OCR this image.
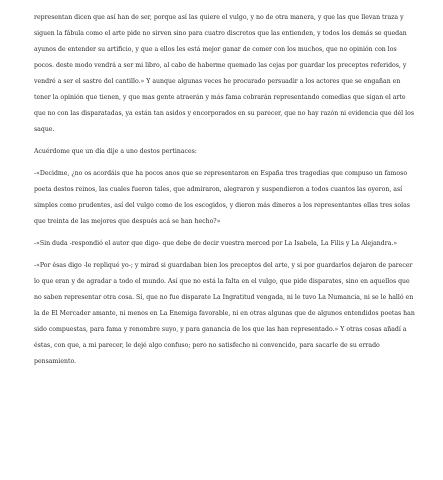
representan dicen que así han de ser, porque así las quiere el vulgo, y no de otra manera, y que las que llevan traza y siguen la fábula como el arte pide no sirven sino para cuatro discretos que las entienden, y todos los demás se quedan ayunos de entender su artificio, y que a ellos les está mejor ganar de comer con los muchos, que no opinión con los pocos. deste modo vendrá a ser mi libro, al cabo de haberme quemado las cejas por guardar los preceptos referidos, y vendré a ser el sastre del cantillo.» Y aunque algunas veces he procurado persuadir a los actores que se engañan en tener la opinión que tienen, y que mas gente atraerán y más fama cobrarán representando comedias que sigan el arte que no con las disparatadas, ya están tan asidos y encorporados en su parecer, que no hay razón ni evidencia que dél los saque.

Acuérdome que un día dije a uno destos pertinaces:

-«Decidme, ¿no os acordáis que ha pocos anos que se representaron en España tres tragedias que compuso un famoso poeta destos reinos, las cuales fueron tales, que admiraron, alegraron y suspendieron a todos cuantos las oyeron, así simples como prudentes, así del vulgo como de los escogidos, y dieron más dineros a los representantes ellas tres solas que treinta de las mejores que después acá se han hecho?»

-«Sin duda -respondió el autor que digo- que debe de decir vuestra merced por La Isabela, La Filis y La Alejandra.»

-«Por ésas digo -le repliqué yo-; y mirad si guardaban bien los preceptos del arte, y si por guardarlos dejaron de parecer lo que eran y de agradar a todo el mundo. Así que no está la falta en el vulgo, que pide disparates, sino en aquellos que no saben representar otra cosa. Sí, que no fue disparate La Ingratitud vengada, ni le tuvo La Numancia, ni se le halló en la de El Mercader amante, ni menos en La Enemiga favorable, ni en otras algunas que de algunos entendidos poetas han sido compuestas, para fama y renombre suyo, y para ganancia de los que las han representado.» Y otras cosas añadí a éstas, con que, a mi parecer, le dejé algo confuso; pero no satisfecho ni convencido, para sacarle de su errado pensamiento.
